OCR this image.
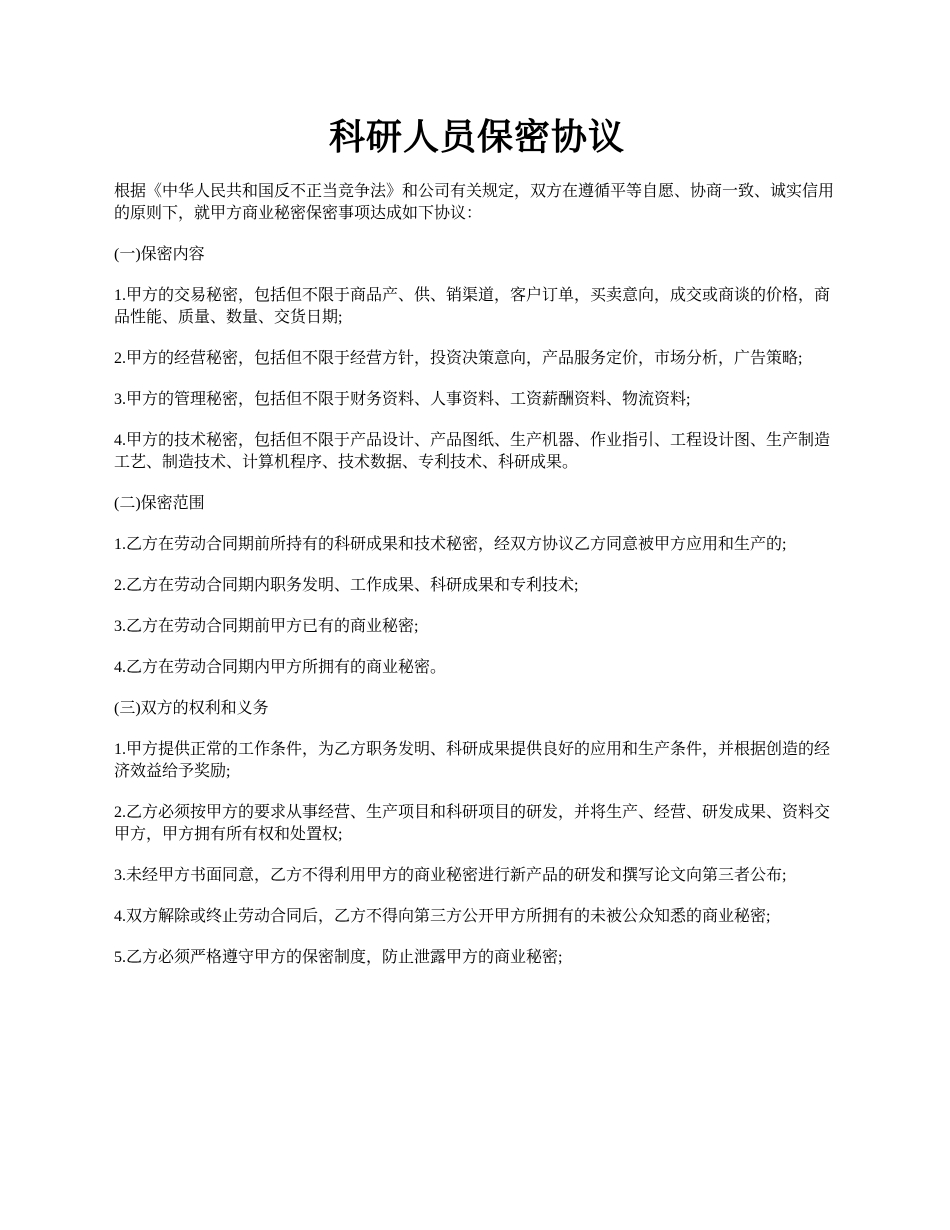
科研人员保密协议

根据《中华人民共和国反不正当竞争法》和公司有关规定，双方在遵循平等自愿、协商一致、诚实信用的原则下，就甲方商业秘密保密事项达成如下协议：

(一)保密内容

1.甲方的交易秘密，包括但不限于商品产、供、销渠道，客户订单，买卖意向，成交或商谈的价格，商品性能、质量、数量、交货日期;

2.甲方的经营秘密，包括但不限于经营方针，投资决策意向，产品服务定价，市场分析，广告策略;

3.甲方的管理秘密，包括但不限于财务资料、人事资料、工资薪酬资料、物流资料;

4.甲方的技术秘密，包括但不限于产品设计、产品图纸、生产机器、作业指引、工程设计图、生产制造工艺、制造技术、计算机程序、技术数据、专利技术、科研成果。

(二)保密范围

1.乙方在劳动合同期前所持有的科研成果和技术秘密，经双方协议乙方同意被甲方应用和生产的;

2.乙方在劳动合同期内职务发明、工作成果、科研成果和专利技术;

3.乙方在劳动合同期前甲方已有的商业秘密;

4.乙方在劳动合同期内甲方所拥有的商业秘密。

(三)双方的权利和义务

1.甲方提供正常的工作条件，为乙方职务发明、科研成果提供良好的应用和生产条件，并根据创造的经济效益给予奖励;

2.乙方必须按甲方的要求从事经营、生产项目和科研项目的研发，并将生产、经营、研发成果、资料交甲方，甲方拥有所有权和处置权;

3.未经甲方书面同意，乙方不得利用甲方的商业秘密进行新产品的研发和撰写论文向第三者公布;

4.双方解除或终止劳动合同后，乙方不得向第三方公开甲方所拥有的未被公众知悉的商业秘密;

5.乙方必须严格遵守甲方的保密制度，防止泄露甲方的商业秘密;
